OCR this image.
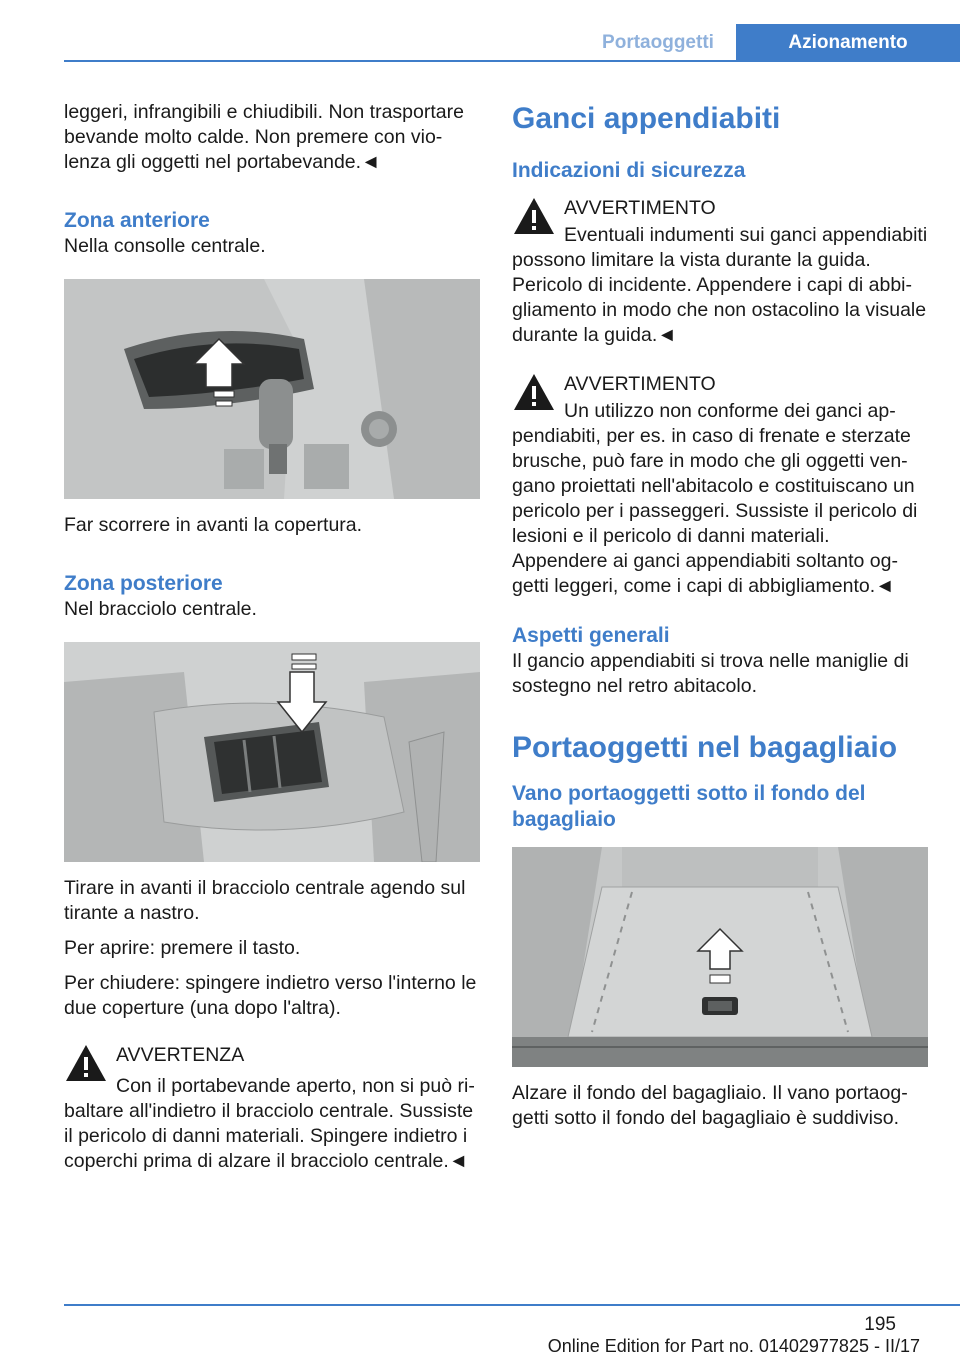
Portaoggetti	Azionamento

leggeri, infrangibili e chiudibili. Non trasportare bevande molto calde. Non premere con violenza gli oggetti nel portabevande.◄

Zona anteriore

Nella consolle centrale.

Far scorrere in avanti la copertura.

Zona posteriore

Nel bracciolo centrale.

Tirare in avanti il bracciolo centrale agendo sul tirante a nastro.

Per aprire: premere il tasto.

Per chiudere: spingere indietro verso l'interno le due coperture (una dopo l'altra).

AVVERTENZA

Ganci appendiabiti
Indicazioni di sicurezza

AVVERTIMENTO

Eventuali indumenti sui ganci appendiabiti possono limitare la vista durante la guida. Pericolo di incidente. Appendere i capi di abbigliamento in modo che non ostacolino la visuale durante la guida.◄

AVVERTIMENTO

Un utilizzo non conforme dei ganci appendiabiti, per es. in caso di frenate e sterzate brusche, può fare in modo che gli oggetti vengano proiettati nell'abitacolo e costituiscano un pericolo per i passeggeri. Sussiste il pericolo di lesioni e il pericolo di danni materiali. Appendere ai ganci appendiabiti soltanto oggetti leggeri, come i capi di abbigliamento.◄

Aspetti generali

Il gancio appendiabiti si trova nelle maniglie di sostegno nel retro abitacolo.

Portaoggetti nel bagagliaio
Vano portaoggetti sotto il fondo del bagagliaio

Alzare il fondo del bagagliaio. Il vano portaoggetti sotto il fondo del bagagliaio è suddiviso.

Con il portabevande aperto, non si può ribaltare all'indietro il bracciolo centrale. Sussiste il pericolo di danni materiali. Spingere indietro i coperchi prima di alzare il bracciolo centrale.◄

195
Online Edition for Part no. 01402977825 - II/17
